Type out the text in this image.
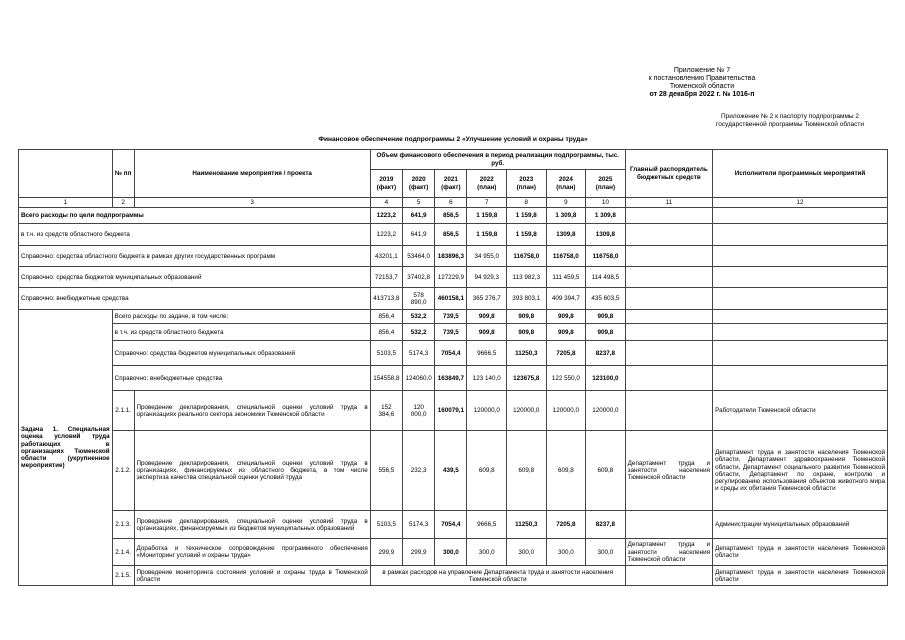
Приложение № 7
к постановлению Правительства
Тюменской области
от 28 декабря 2022 г. № 1016-п
Приложение № 2 к паспорту подпрограммы 2
государственной программы Тюменской области
Финансовое обеспечение подпрограммы 2 «Улучшение условий и охраны труда»
	№ пп	Наименование мероприятия / проекта	Объем финансового обеспечения в период реализации подпрограммы, тыс. руб.							Главный распорядитель бюджетных средств	Исполнители программных мероприятий
			2019 (факт)	2020 (факт)	2021 (факт)	2022 (план)	2023 (план)	2024 (план)	2025 (план)		
1	2	3	4	5	6	7	8	9	10	11	12
Всего расходы по цели подпрограммы			1223,2	641,9	856,5	1 159,8	1 159,8	1 309,8	1 309,8		
в т.ч. из средств областного бюджета			1223,2	641,9	856,5	1 159,8	1 159,8	1309,8	1309,8		
Справочно: средства областного бюджета в рамках других государственных программ			43201,1	53464,0	183896,3	34 955,0	116758,0	116758,0	116758,0		
Справочно: средства бюджетов муниципальных образований			72153,7	37402,8	127229,9	94 929,3	113 982,3	111 459,5	114 498,5		
Справочно: внебюджетные средства			413713,8	578 890,0	460158,1	365 276,7	393 803,1	409 394,7	435 603,5		
Задача 1. Специальная оценка условий труда работающих в организациях Тюменской области (укрупненное мероприятие)	Всего расходы по задаче, в том числе:		856,4	532,2	739,5	909,8	909,8	909,8	909,8		
	в т.ч. из средств областного бюджета		856,4	532,2	739,5	909,8	909,8	909,8	909,8		
	Справочно: средства бюджетов муниципальных образований		5103,5	5174,3	7054,4	9666,5	11250,3	7205,8	8237,8		
	Справочно: внебюджетные средства		154558,8	124060,0	163849,7	123 140,0	123675,8	122 550,0	123100,0		
	2.1.1.	Проведение декларирования, специальной оценки условий труда в организациях реального сектора экономики Тюменской области	152 384,6	120 000,0	160079,1	120000,0	120000,0	120000,0	120000,0		Работодатели Тюменской области
	2.1.2.	Проведение декларирования, специальной оценки условий труда в организациях, финансируемых из областного бюджета, в том числе экспертиза качества специальной оценки условий труда	556,5	232,3	439,5	609,8	609,8	609,8	609,8	Департамент труда и занятости населения Тюменской области	Департамент труда и занятости населения Тюменской области, Департамент здравоохранения Тюменской области, Департамент социального развития Тюменской области, Департамент по охране, контролю и регулированию использования объектов животного мира и среды их обитания Тюменской области
	2.1.3.	Проведение декларирования, специальной оценки условий труда в организациях, финансируемых из бюджетов муниципальных образований	5103,5	5174,3	7054,4	9666,5	11250,3	7205,8	8237,8		Администрации муниципальных образований
	2.1.4.	Доработка и техническое сопровождение программного обеспечения «Мониторинг условий и охраны труда»	299,9	299,9	300,0	300,0	300,0	300,0	300,0	Департамент труда и занятости населения Тюменской области	Департамент труда и занятости населения Тюменской области
	2.1.5.	Проведение мониторинга состояния условий и охраны труда в Тюменской области	в рамках расходов на управление Департамента труда и занятости населения Тюменской области								Департамент труда и занятости населения Тюменской области
